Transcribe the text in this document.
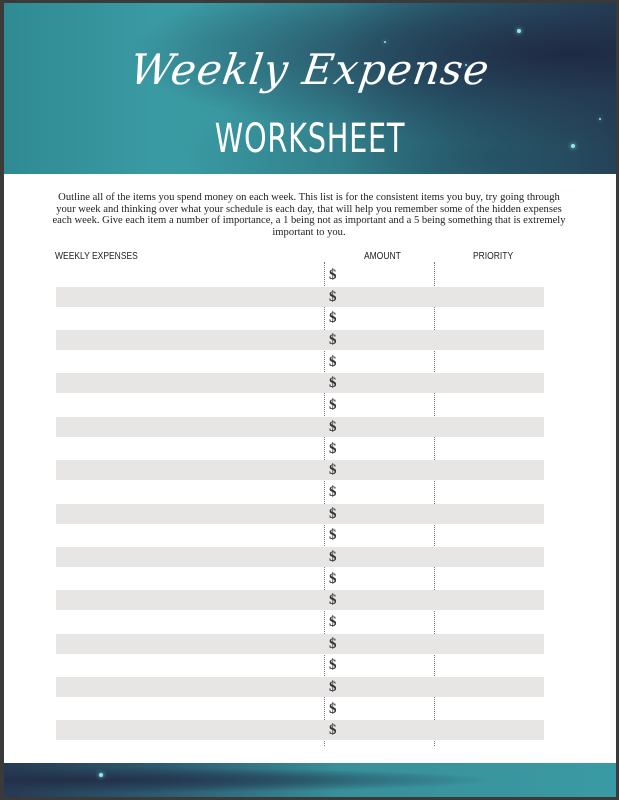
Weekly Expense
WORKSHEET
Outline all of the items you spend money on each week. This list is for the consistent items you buy, try going through your week and thinking over what your schedule is each day, that will help you remember some of the hidden expenses each week. Give each item a number of importance, a 1 being not as important and a 5 being something that is extremely important to you.
WEEKLY EXPENSES	AMOUNT	PRIORITY
$
$
$
$
$
$
$
$
$
$
$
$
$
$
$
$
$
$
$
$
$
$
